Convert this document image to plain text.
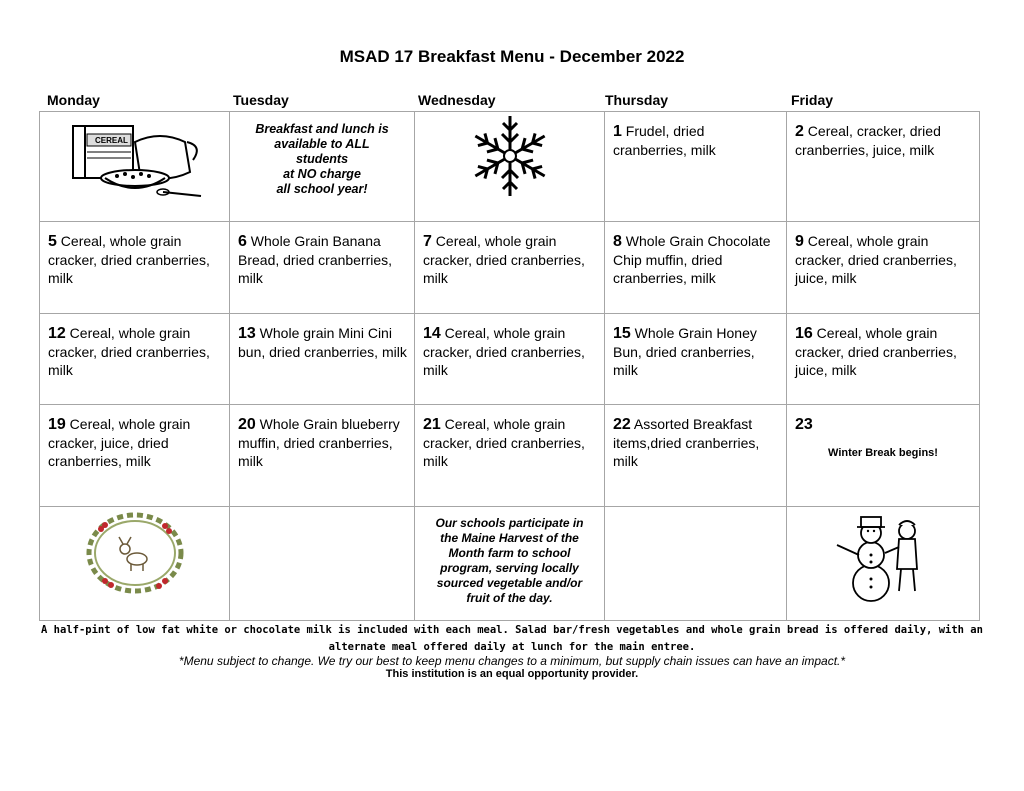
MSAD 17 Breakfast Menu - December 2022
Monday	Tuesday	Wednesday	Thursday	Friday
CEREAL	Breakfast and lunch is
available to ALL
students
at NO charge
all school year!		1 Frudel, dried cranberries, milk	2 Cereal, cracker, dried cranberries, juice, milk

5 Cereal, whole grain cracker, dried cranberries, milk	6 Whole Grain Banana Bread, dried cranberries, milk	7 Cereal, whole grain cracker, dried cranberries, milk	8 Whole Grain Chocolate Chip muffin, dried cranberries, milk	9 Cereal, whole grain cracker, dried cranberries, juice, milk

12 Cereal, whole grain cracker, dried cranberries, milk	13 Whole grain Mini Cini bun, dried cranberries, milk	14 Cereal, whole grain cracker, dried cranberries, milk	15 Whole Grain Honey Bun, dried cranberries, milk	16 Cereal, whole grain cracker, dried cranberries, juice, milk

19 Cereal, whole grain cracker, juice, dried cranberries, milk	20 Whole Grain blueberry muffin, dried cranberries, milk	21 Cereal, whole grain cracker, dried cranberries, milk	22 Assorted Breakfast items,dried cranberries, milk	23
Winter Break begins!

Our schools participate in the Maine Harvest of the Month farm to school program, serving locally sourced vegetable and/or fruit of the day.

A half-pint of low fat white or chocolate milk is included with each meal. Salad bar/fresh vegetables and whole grain bread is offered daily, with an alternate meal offered daily at lunch for the main entree.
*Menu subject to change. We try our best to keep menu changes to a minimum, but supply chain issues can have an impact.*
This institution is an equal opportunity provider.
